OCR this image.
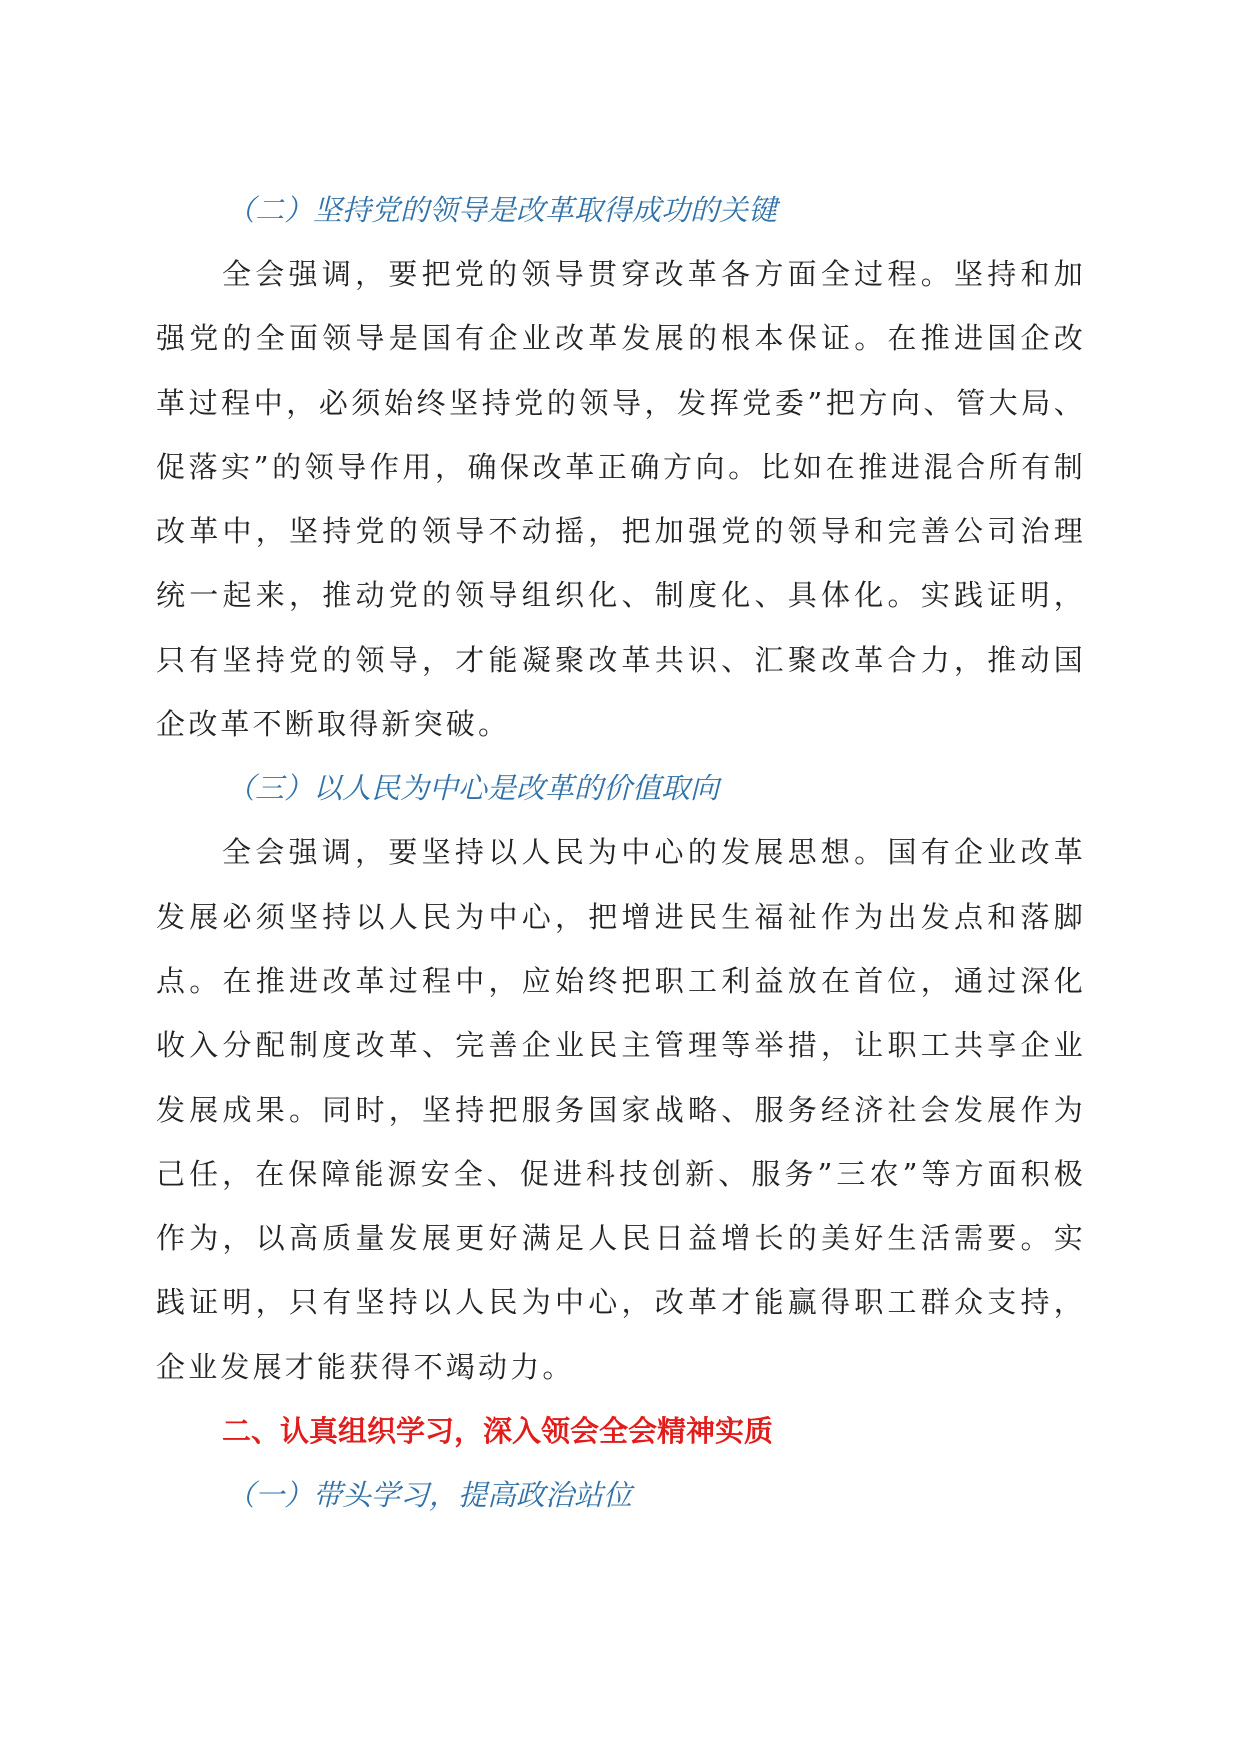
（二）坚持党的领导是改革取得成功的关键

全会强调，要把党的领导贯穿改革各方面全过程。坚持和加强党的全面领导是国有企业改革发展的根本保证。在推进国企改革过程中，必须始终坚持党的领导，发挥党委”把方向、管大局、促落实”的领导作用，确保改革正确方向。比如在推进混合所有制改革中，坚持党的领导不动摇，把加强党的领导和完善公司治理统一起来，推动党的领导组织化、制度化、具体化。实践证明，只有坚持党的领导，才能凝聚改革共识、汇聚改革合力，推动国企改革不断取得新突破。

（三）以人民为中心是改革的价值取向

全会强调，要坚持以人民为中心的发展思想。国有企业改革发展必须坚持以人民为中心，把增进民生福祉作为出发点和落脚点。在推进改革过程中，应始终把职工利益放在首位，通过深化收入分配制度改革、完善企业民主管理等举措，让职工共享企业发展成果。同时，坚持把服务国家战略、服务经济社会发展作为己任，在保障能源安全、促进科技创新、服务”三农”等方面积极作为，以高质量发展更好满足人民日益增长的美好生活需要。实践证明，只有坚持以人民为中心，改革才能赢得职工群众支持，企业发展才能获得不竭动力。

二、认真组织学习，深入领会全会精神实质

（一）带头学习，提高政治站位
